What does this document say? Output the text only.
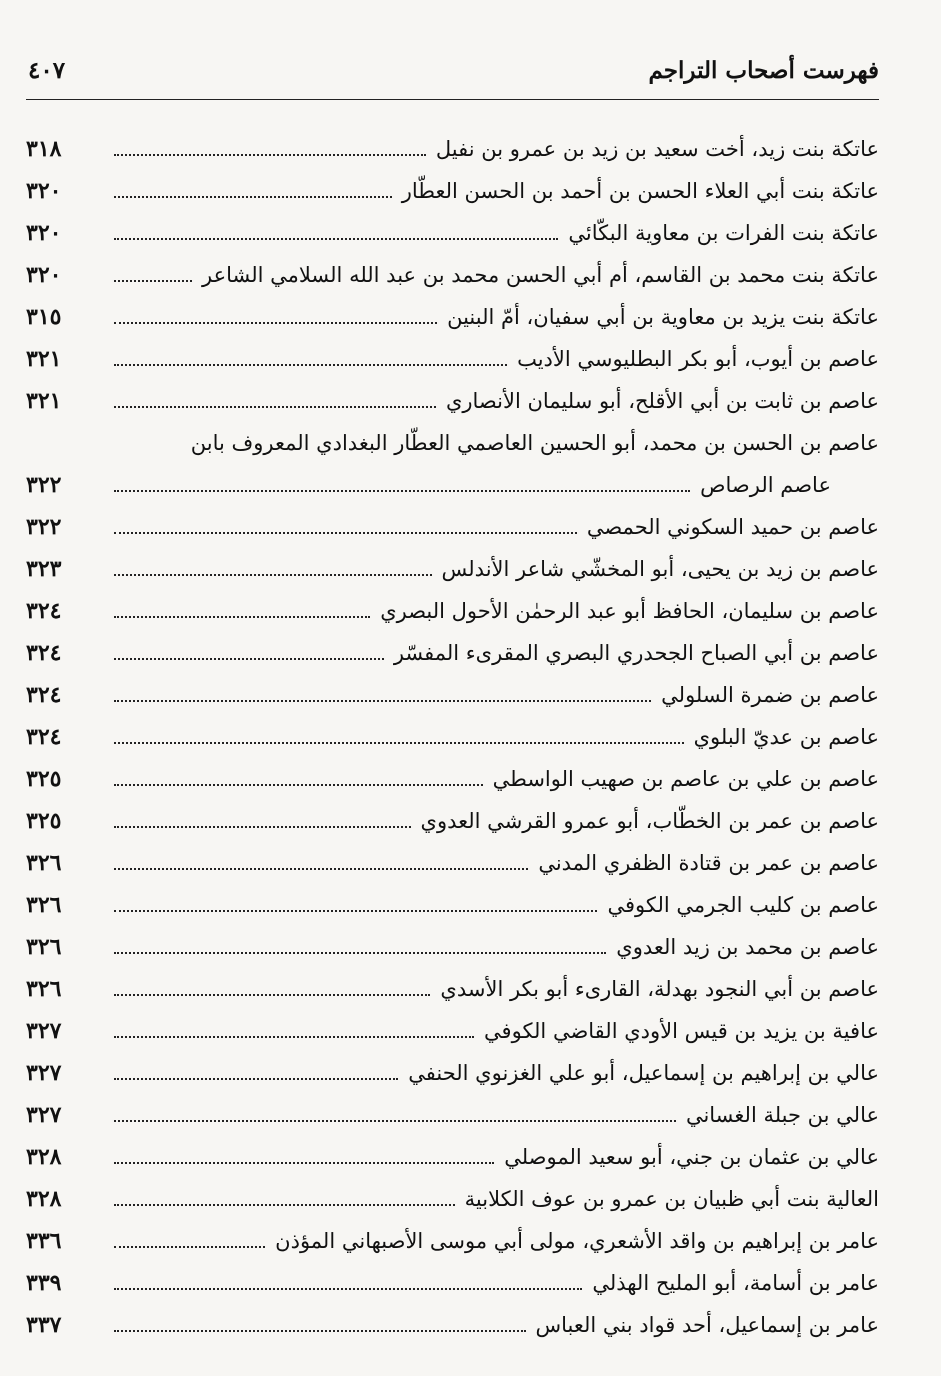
فهرست أصحاب التراجم
٤٠٧
عاتكة بنت زيد، أخت سعيد بن زيد بن عمرو بن نفيل
٣١٨
عاتكة بنت أبي العلاء الحسن بن أحمد بن الحسن العطّار
٣٢٠
عاتكة بنت الفرات بن معاوية البكّائي
٣٢٠
عاتكة بنت محمد بن القاسم، أم أبي الحسن محمد بن عبد الله السلامي الشاعر
٣٢٠
عاتكة بنت يزيد بن معاوية بن أبي سفيان، أمّ البنين
٣١٥
عاصم بن أيوب، أبو بكر البطليوسي الأديب
٣٢١
عاصم بن ثابت بن أبي الأقلح، أبو سليمان الأنصاري
٣٢١
عاصم بن الحسن بن محمد، أبو الحسين العاصمي العطّار البغدادي المعروف بابن
عاصم الرصاص
٣٢٢
عاصم بن حميد السكوني الحمصي
٣٢٢
عاصم بن زيد بن يحيى، أبو المخشّي شاعر الأندلس
٣٢٣
عاصم بن سليمان، الحافظ أبو عبد الرحمٰن الأحول البصري
٣٢٤
عاصم بن أبي الصباح الجحدري البصري المقرىء المفسّر
٣٢٤
عاصم بن ضمرة السلولي
٣٢٤
عاصم بن عديّ البلوي
٣٢٤
عاصم بن علي بن عاصم بن صهيب الواسطي
٣٢٥
عاصم بن عمر بن الخطّاب، أبو عمرو القرشي العدوي
٣٢٥
عاصم بن عمر بن قتادة الظفري المدني
٣٢٦
عاصم بن كليب الجرمي الكوفي
٣٢٦
عاصم بن محمد بن زيد العدوي
٣٢٦
عاصم بن أبي النجود بهدلة، القارىء أبو بكر الأسدي
٣٢٦
عافية بن يزيد بن قيس الأودي القاضي الكوفي
٣٢٧
عالي بن إبراهيم بن إسماعيل، أبو علي الغزنوي الحنفي
٣٢٧
عالي بن جبلة الغساني
٣٢٧
عالي بن عثمان بن جني، أبو سعيد الموصلي
٣٢٨
العالية بنت أبي ظبيان بن عمرو بن عوف الكلابية
٣٢٨
عامر بن إبراهيم بن واقد الأشعري، مولى أبي موسى الأصبهاني المؤذن
٣٣٦
عامر بن أسامة، أبو المليح الهذلي
٣٣٩
عامر بن إسماعيل، أحد قواد بني العباس
٣٣٧
